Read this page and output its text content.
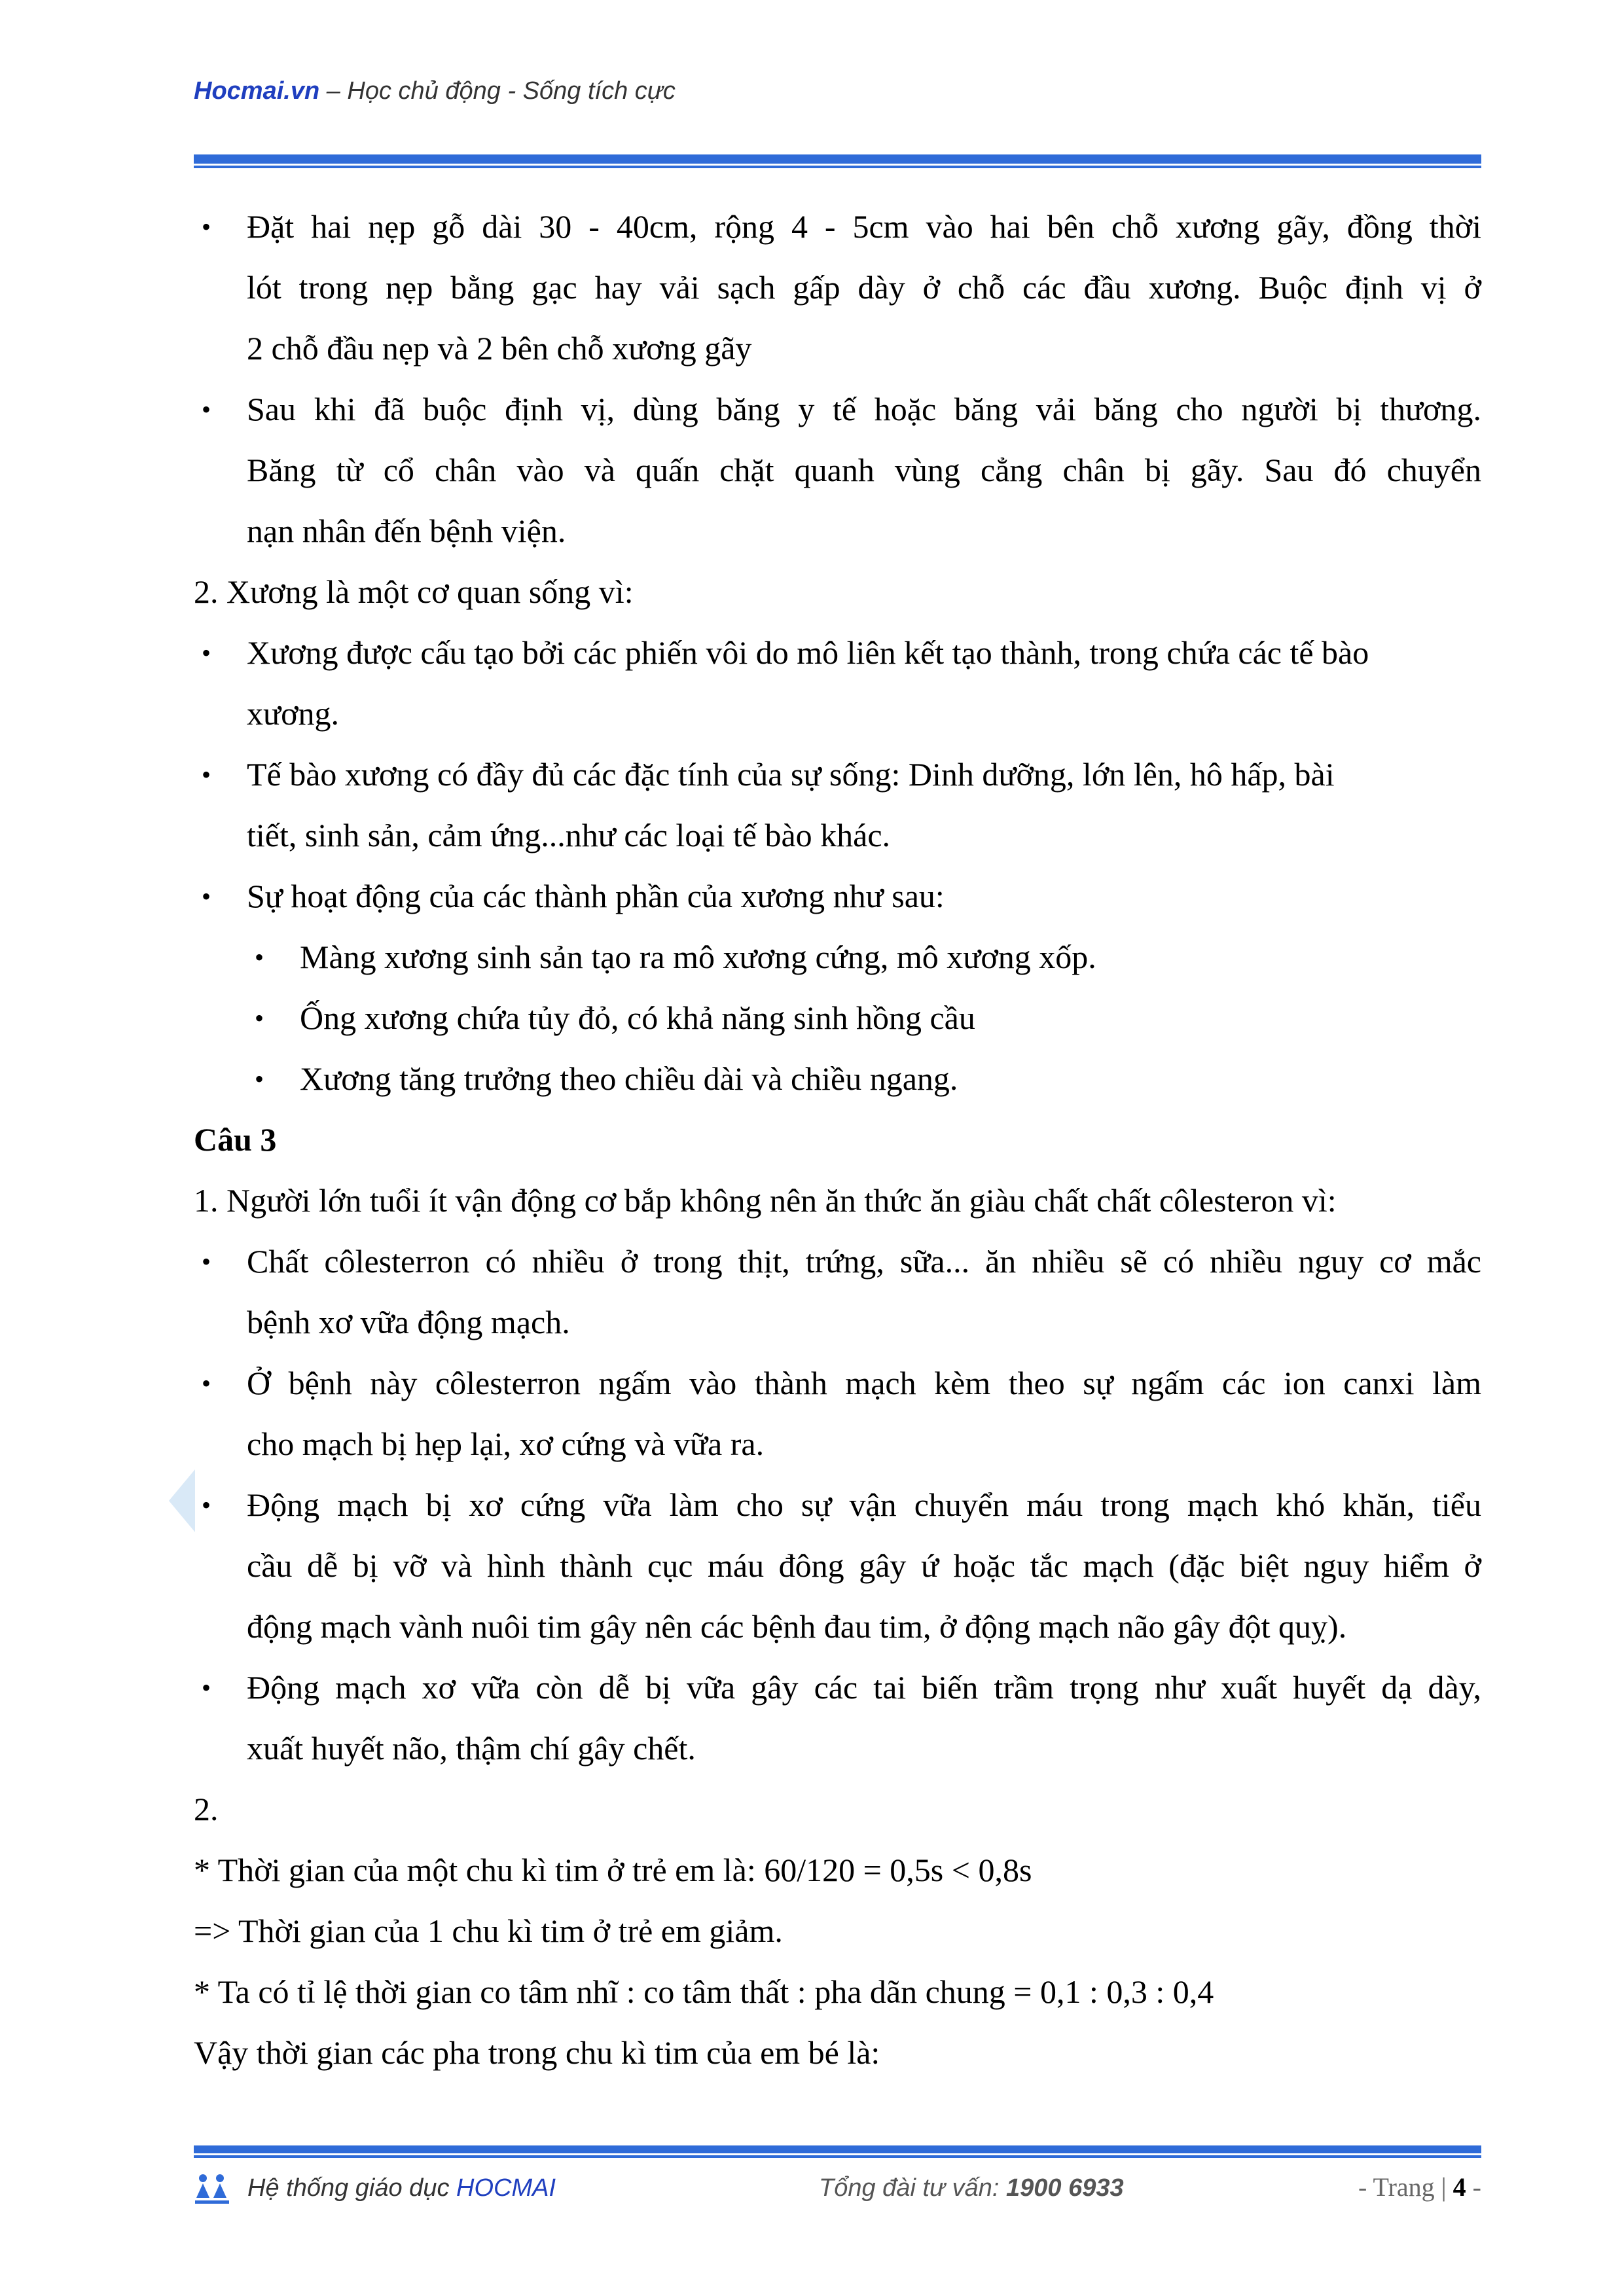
Hocmai.vn – Học chủ động - Sống tích cực
• Đặt hai nẹp gỗ dài 30 - 40cm, rộng 4 - 5cm vào hai bên chỗ xương gãy, đồng thời
lót trong nẹp bằng gạc hay vải sạch gấp dày ở chỗ các đầu xương. Buộc định vị ở
2 chỗ đầu nẹp và 2 bên chỗ xương gãy
• Sau khi đã buộc định vị, dùng băng y tế hoặc băng vải băng cho người bị thương.
Băng từ cổ chân vào và quấn chặt quanh vùng cẳng chân bị gãy. Sau đó chuyển
nạn nhân đến bệnh viện.
2. Xương là một cơ quan sống vì:
• Xương được cấu tạo bởi các phiến vôi do mô liên kết tạo thành, trong chứa các tế bào
xương.
• Tế bào xương có đầy đủ các đặc tính của sự sống: Dinh dưỡng, lớn lên, hô hấp, bài
tiết, sinh sản, cảm ứng...như các loại tế bào khác.
• Sự hoạt động của các thành phần của xương như sau:
• Màng xương sinh sản tạo ra mô xương cứng, mô xương xốp.
• Ống xương chứa tủy đỏ, có khả năng sinh hồng cầu
• Xương tăng trưởng theo chiều dài và chiều ngang.
Câu 3
1. Người lớn tuổi ít vận động cơ bắp không nên ăn thức ăn giàu chất chất côlesteron vì:
• Chất côlesterron có nhiều ở trong thịt, trứng, sữa... ăn nhiều sẽ có nhiều nguy cơ mắc
bệnh xơ vữa động mạch.
• Ở bệnh này côlesterron ngấm vào thành mạch kèm theo sự ngấm các ion canxi làm
cho mạch bị hẹp lại, xơ cứng và vữa ra.
• Động mạch bị xơ cứng vữa làm cho sự vận chuyển máu trong mạch khó khăn, tiểu
cầu dễ bị vỡ và hình thành cục máu đông gây ứ hoặc tắc mạch (đặc biệt nguy hiểm ở
động mạch vành nuôi tim gây nên các bệnh đau tim, ở động mạch não gây đột quỵ).
• Động mạch xơ vữa còn dễ bị vữa gây các tai biến trầm trọng như xuất huyết dạ dày,
xuất huyết não, thậm chí gây chết.
2.
* Thời gian của một chu kì tim ở trẻ em là: 60/120 = 0,5s < 0,8s
=> Thời gian của 1 chu kì tim ở trẻ em giảm.
* Ta có tỉ lệ thời gian co tâm nhĩ : co tâm thất : pha dãn chung = 0,1 : 0,3 : 0,4
Vậy thời gian các pha trong chu kì tim của em bé là:
Hệ thống giáo dục HOCMAI	Tổng đài tư vấn: 1900 6933	- Trang | 4 -
